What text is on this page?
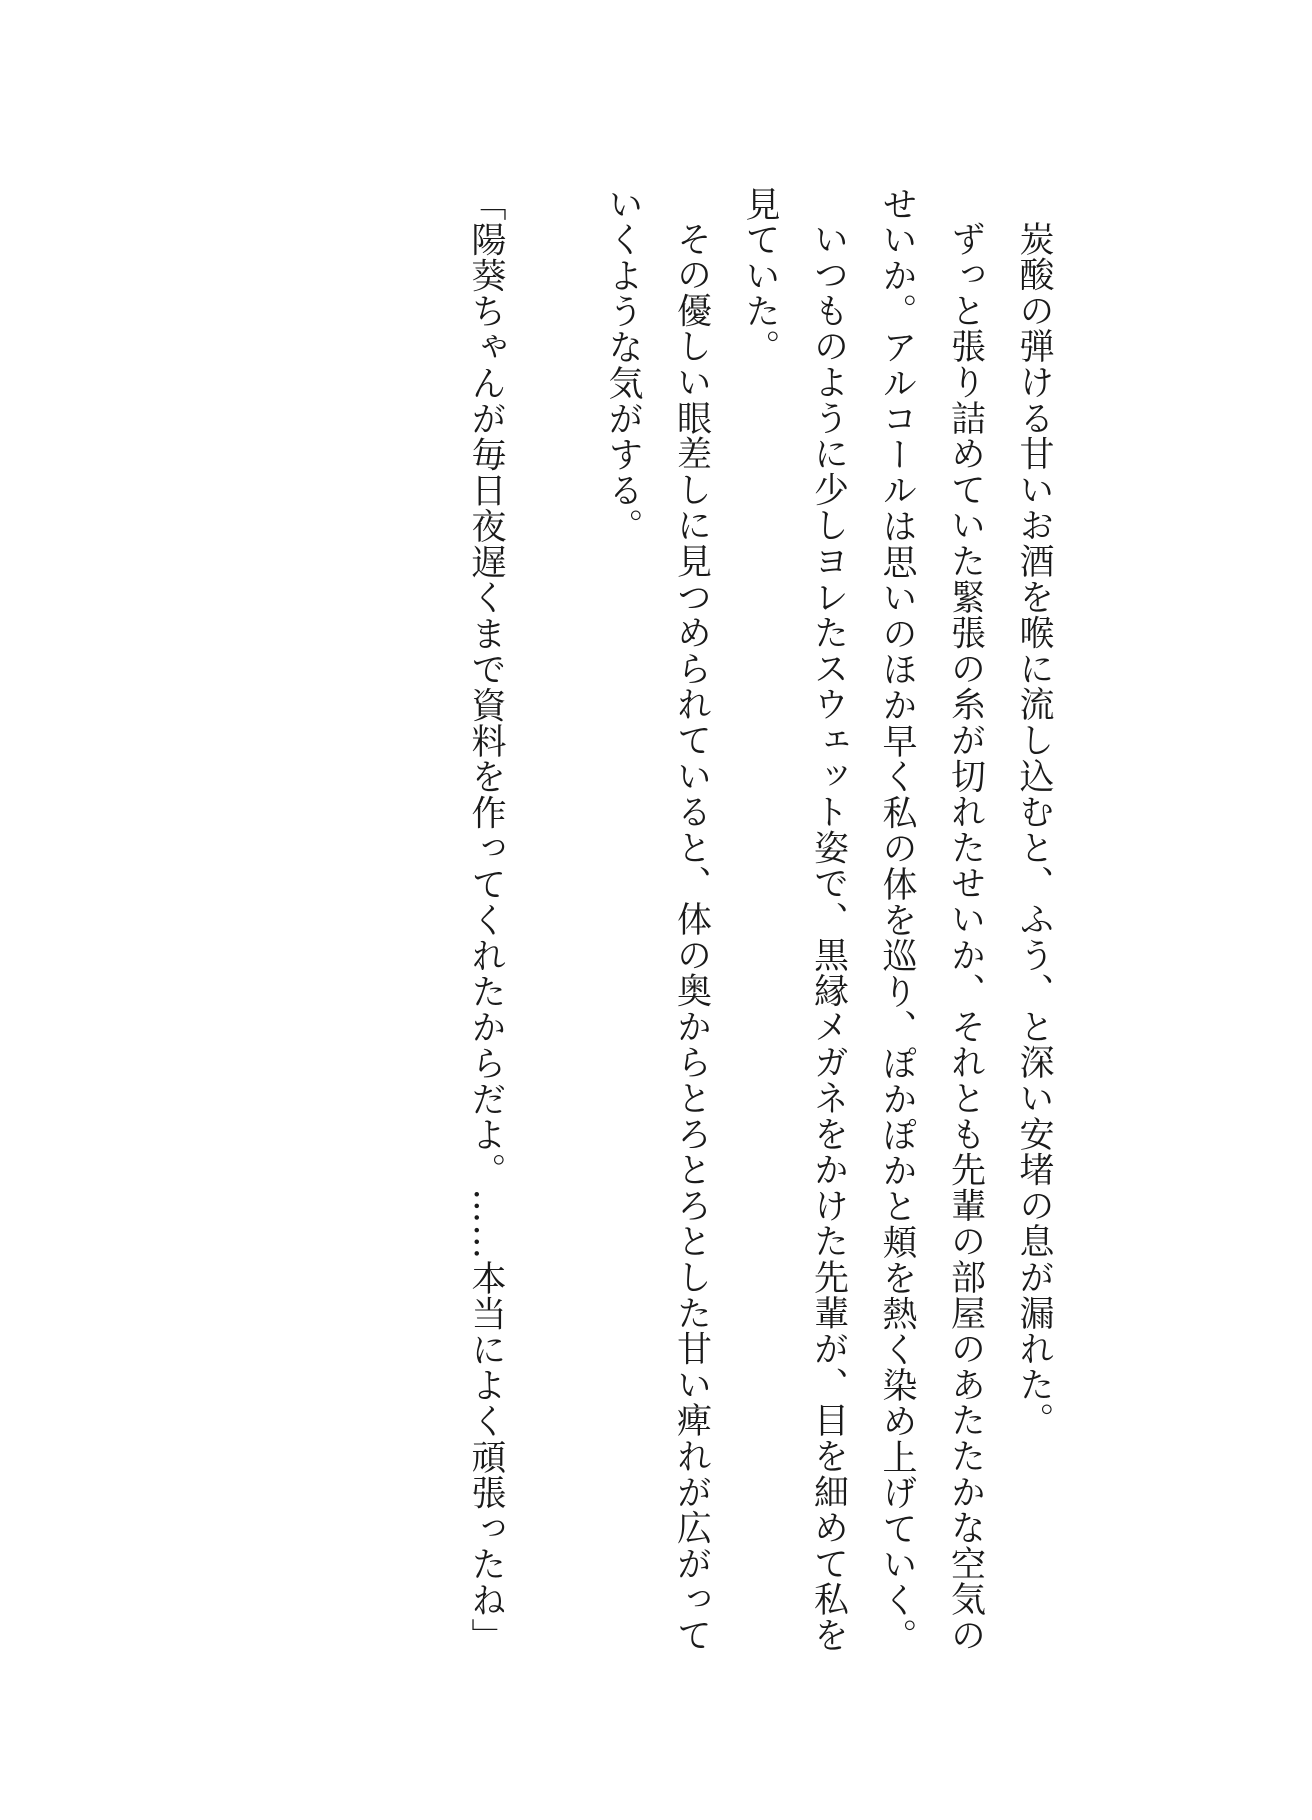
炭酸の弾ける甘いお酒を喉に流し込むと、ふう、と深い安堵の息が漏れた。

ずっと張り詰めていた緊張の糸が切れたせいか、それとも先輩の部屋のあたたかな空気のせいか。アルコールは思いのほか早く私の体を巡り、ぽかぽかと頬を熱く染め上げていく。

いつものように少しヨレたスウェット姿で、黒縁メガネをかけた先輩が、目を細めて私を見ていた。

その優しい眼差しに見つめられていると、体の奥からとろとろとした甘い痺れが広がっていくような気がする。

「陽葵ちゃんが毎日夜遅くまで資料を作ってくれたからだよ。……本当によく頑張ったね」
